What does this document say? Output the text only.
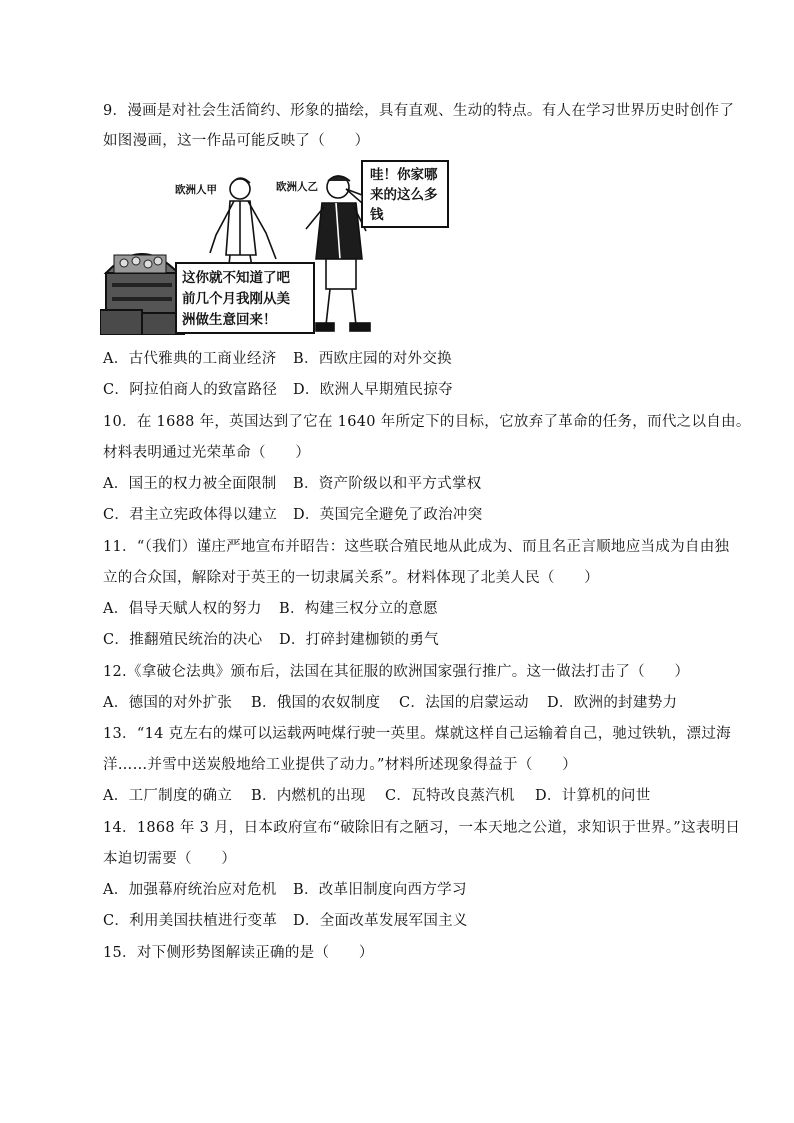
9．漫画是对社会生活简约、形象的描绘，具有直观、生动的特点。有人在学习世界历史时创作了
如图漫画，这一作品可能反映了（　　）
欧洲人甲	欧洲人乙
哇！你家哪
来的这么多
钱
这你就不知道了吧
前几个月我刚从美
洲做生意回来！
A．古代雅典的工商业经济 B．西欧庄园的对外交换
C．阿拉伯商人的致富路径 D．欧洲人早期殖民掠夺
10．在 1688 年，英国达到了它在 1640 年所定下的目标，它放弃了革命的任务，而代之以自由。
材料表明通过光荣革命（　　）
A．国王的权力被全面限制 B．资产阶级以和平方式掌权
C．君主立宪政体得以建立 D．英国完全避免了政治冲突
11．“（我们）谨庄严地宣布并昭告：这些联合殖民地从此成为、而且名正言顺地应当成为自由独
立的合众国，解除对于英王的一切隶属关系”。材料体现了北美人民（　　）
A．倡导天赋人权的努力 B．构建三权分立的意愿
C．推翻殖民统治的决心 D．打碎封建枷锁的勇气
12.《拿破仑法典》颁布后，法国在其征服的欧洲国家强行推广。这一做法打击了（　　）
A．德国的对外扩张 B．俄国的农奴制度 C．法国的启蒙运动 D．欧洲的封建势力
13．“14 克左右的煤可以运载两吨煤行驶一英里。煤就这样自己运输着自己，驰过铁轨，漂过海
洋……并雪中送炭般地给工业提供了动力。”材料所述现象得益于（　　）
A．工厂制度的确立 B．内燃机的出现 C．瓦特改良蒸汽机 D．计算机的问世
14．1868 年 3 月，日本政府宣布“破除旧有之陋习，一本天地之公道，求知识于世界。”这表明日
本迫切需要（　　）
A．加强幕府统治应对危机 B．改革旧制度向西方学习
C．利用美国扶植进行变革 D．全面改革发展军国主义
15．对下侧形势图解读正确的是（　　）
